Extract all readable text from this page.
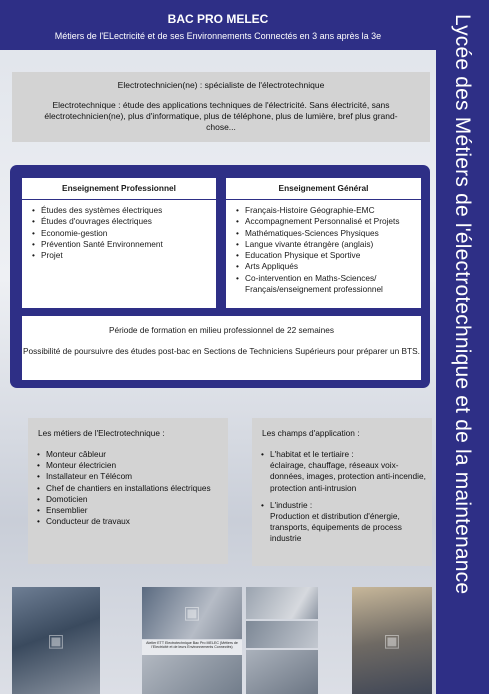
BAC PRO MELEC
Métiers de l'ELectricité et de ses Environnements Connectés en 3 ans après la 3e	Lycée des Métiers de l'électrotechnique et de la maintenance
Electrotechnicien(ne) : spécialiste de l'électrotechnique
Electrotechnique : étude des applications techniques de l'électricité. Sans électricité, sans électrotechnicien(ne), plus d'informatique, plus de téléphone, plus de lumière, bref plus grand-chose...
Enseignement Professionnel
• Études des systèmes électriques
• Études d'ouvrages électriques
• Economie-gestion
• Prévention Santé Environnement
• Projet
Enseignement Général
• Français-Histoire Géographie-EMC
• Accompagnement Personnalisé et Projets
• Mathématiques-Sciences Physiques
• Langue vivante étrangère (anglais)
• Education Physique et Sportive
• Arts Appliqués
• Co-intervention en Maths-Sciences/ Français/enseignement professionnel
Période de formation en milieu professionnel de 22 semaines
Possibilité de poursuivre des études post-bac en Sections de Techniciens Supérieurs pour préparer un BTS.
Les métiers de l'Electrotechnique :
• Monteur câbleur
• Monteur électricien
• Installateur en Télécom
• Chef de chantiers en installations électriques
• Domoticien
• Ensemblier
• Conducteur de travaux
Les champs d'application :
• L'habitat et le tertiaire :
éclairage, chauffage, réseaux voix-données, images, protection anti-incendie, protection anti-intrusion
• L'industrie :
Production et distribution d'énergie, transports, équipements de process industrie
▣
▣
Atelier ETT Electrotechnique Bac Pro MELEC (Métiers de l'Electricité et de leurs Environnements Connectés)	▣
